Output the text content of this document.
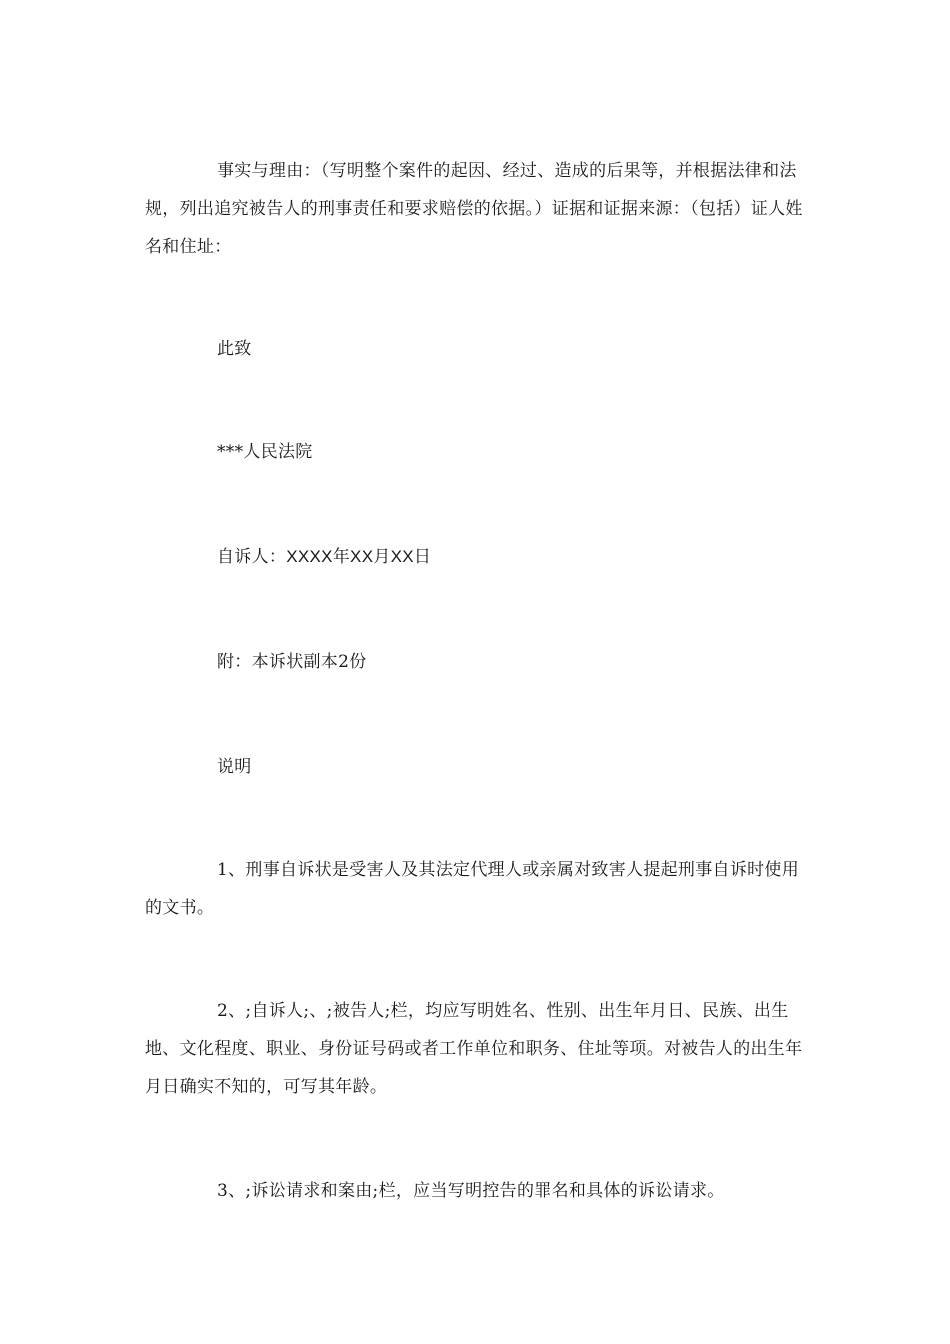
事实与理由：（写明整个案件的起因、经过、造成的后果等，并根据法律和法规，列出追究被告人的刑事责任和要求赔偿的依据。）证据和证据来源：（包括）证人姓名和住址：

此致

***人民法院

自诉人：XXXX年XX月XX日

附：本诉状副本2份

说明

1、刑事自诉状是受害人及其法定代理人或亲属对致害人提起刑事自诉时使用的文书。

2、;自诉人;、;被告人;栏，均应写明姓名、性别、出生年月日、民族、出生地、文化程度、职业、身份证号码或者工作单位和职务、住址等项。对被告人的出生年月日确实不知的，可写其年龄。

3、;诉讼请求和案由;栏，应当写明控告的罪名和具体的诉讼请求。
